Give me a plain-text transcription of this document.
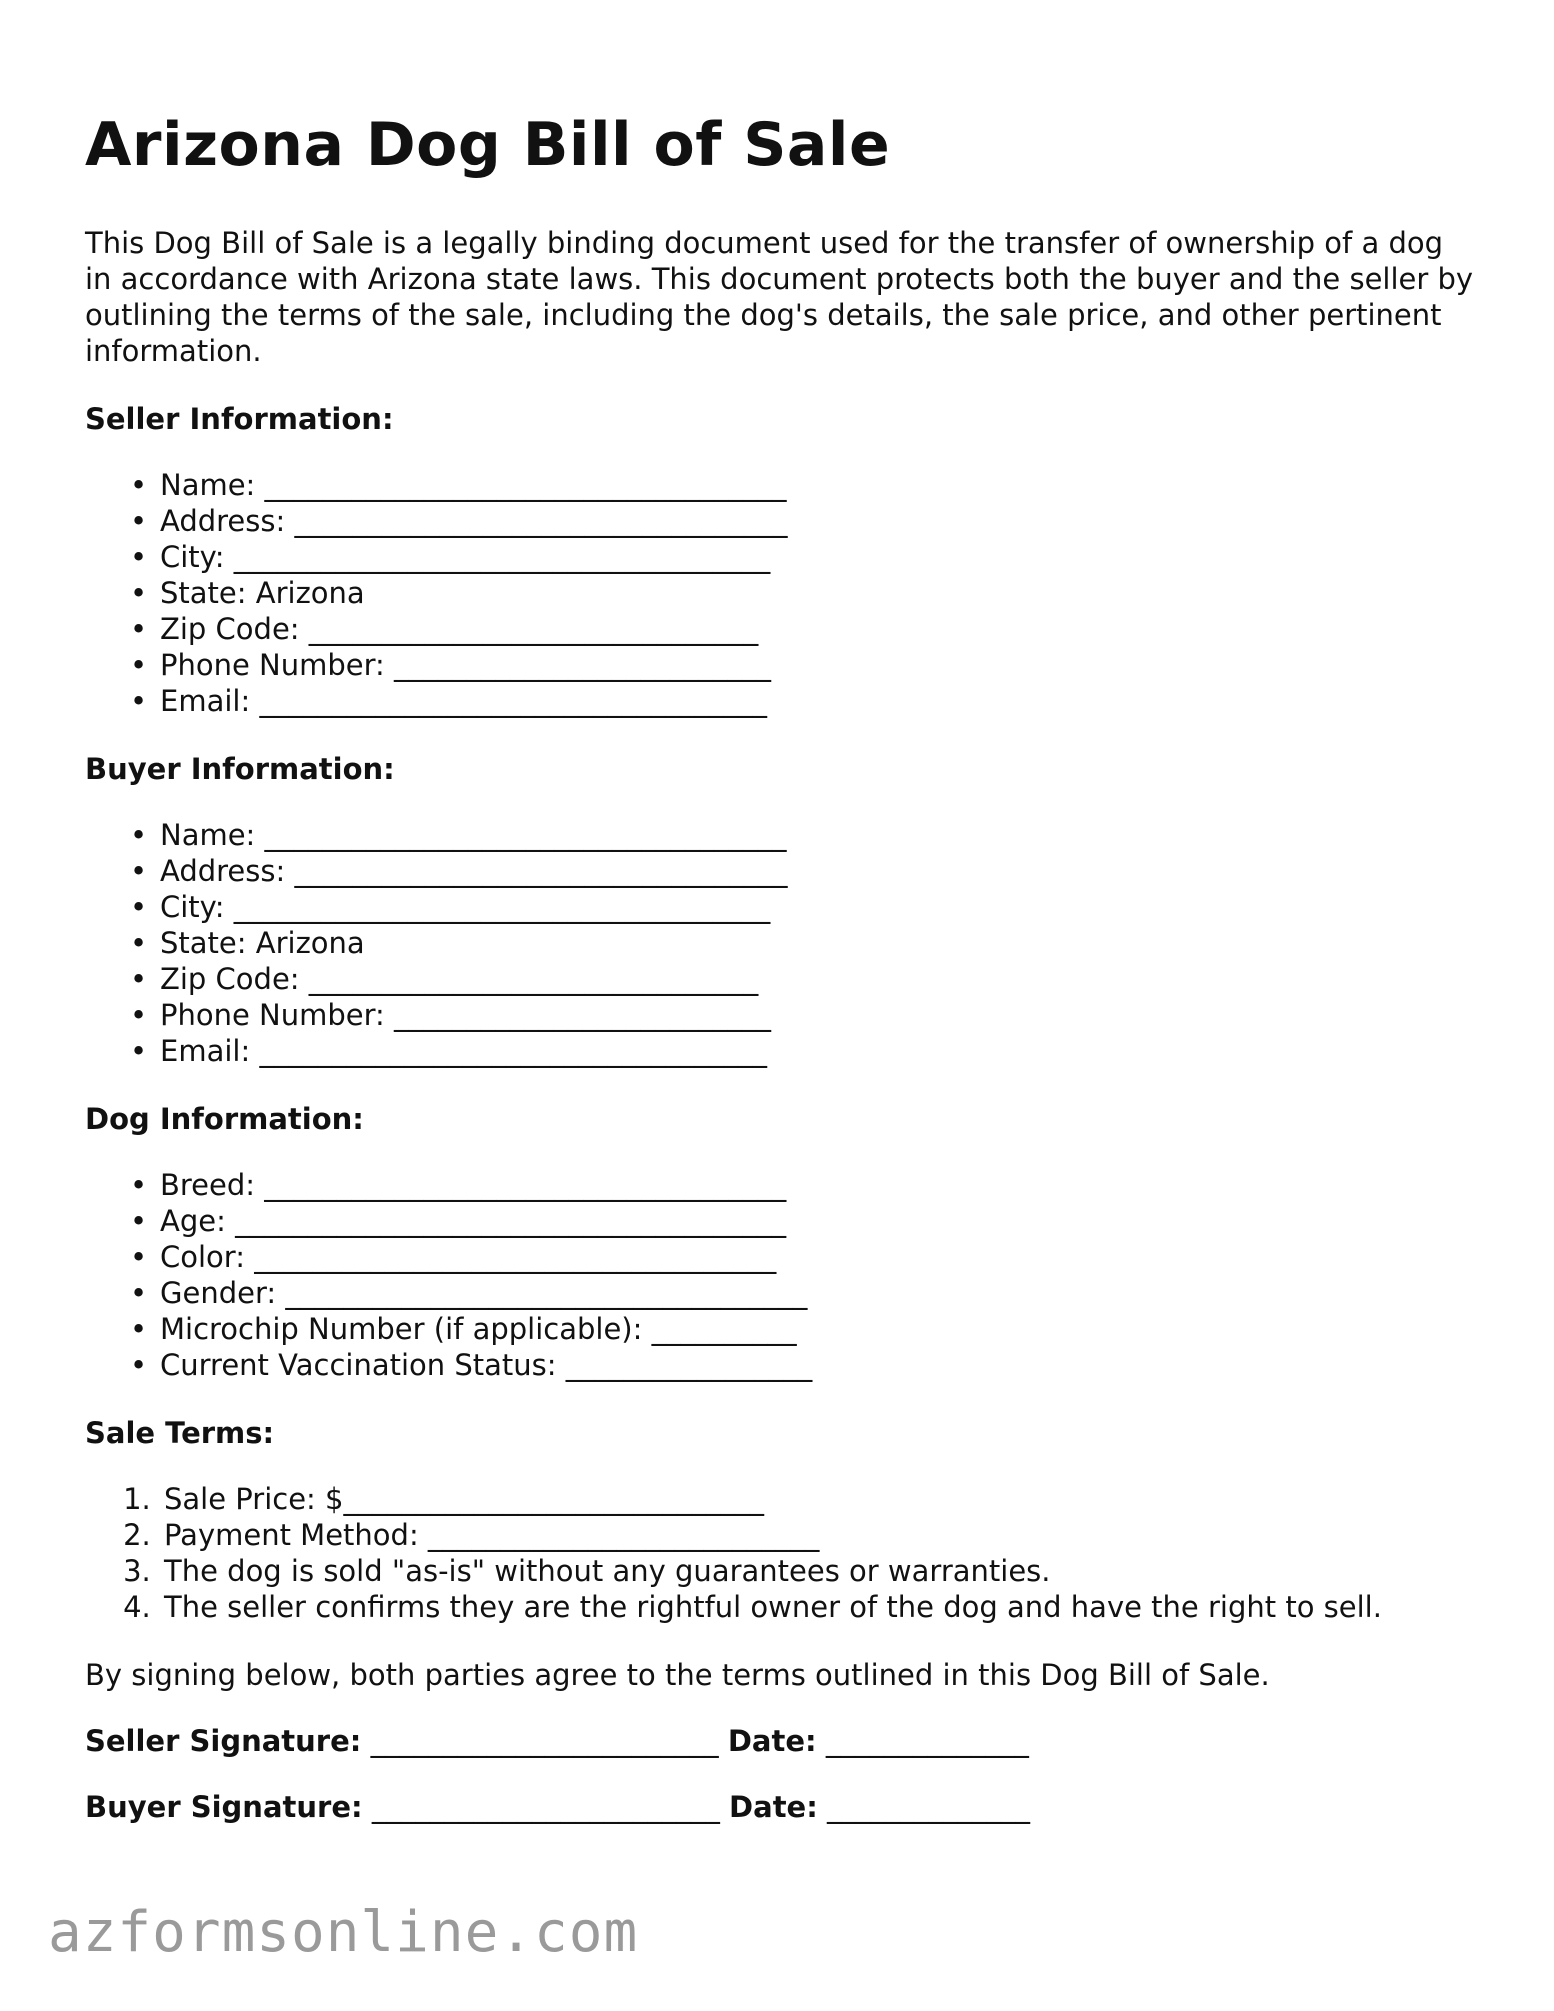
Arizona Dog Bill of Sale

This Dog Bill of Sale is a legally binding document used for the transfer of ownership of a dog in accordance with Arizona state laws. This document protects both the buyer and the seller by outlining the terms of the sale, including the dog's details, the sale price, and other pertinent information.

Seller Information:
• Name: ____________________________________
• Address: __________________________________
• City: _____________________________________
• State: Arizona
• Zip Code: _______________________________
• Phone Number: __________________________
• Email: ___________________________________
Buyer Information:
• Name: ____________________________________
• Address: __________________________________
• City: _____________________________________
• State: Arizona
• Zip Code: _______________________________
• Phone Number: __________________________
• Email: ___________________________________
Dog Information:
• Breed: ____________________________________
• Age: ______________________________________
• Color: ____________________________________
• Gender: ____________________________________
• Microchip Number (if applicable): __________
• Current Vaccination Status: _________________
Sale Terms:
1. Sale Price: $_____________________________
2. Payment Method: ___________________________
3. The dog is sold "as-is" without any guarantees or warranties.
4. The seller confirms they are the rightful owner of the dog and have the right to sell.

By signing below, both parties agree to the terms outlined in this Dog Bill of Sale.

Seller Signature: ________________________ Date: ______________
Buyer Signature: ________________________ Date: ______________
azformsonline.com
